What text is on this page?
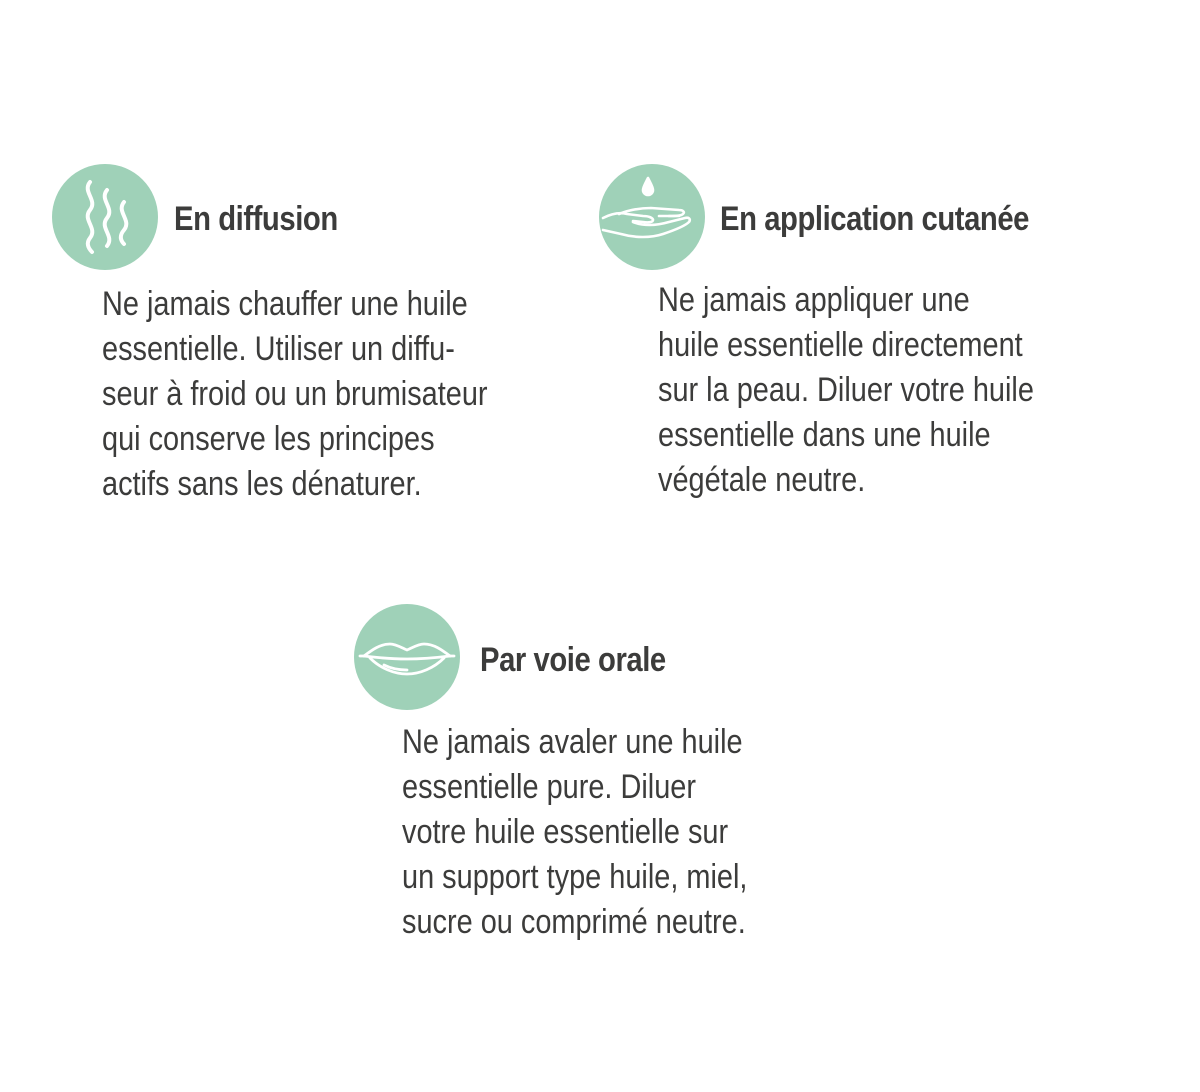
En diffusion
Ne jamais chauffer une huile
essentielle. Utiliser un diffu-
seur à froid ou un brumisateur
qui conserve les principes
actifs sans les dénaturer.
En application cutanée
Ne jamais appliquer une
huile essentielle directement
sur la peau. Diluer votre huile
essentielle dans une huile
végétale neutre.
Par voie orale
Ne jamais avaler une huile
essentielle pure. Diluer
votre huile essentielle sur
un support type huile, miel,
sucre ou comprimé neutre.
